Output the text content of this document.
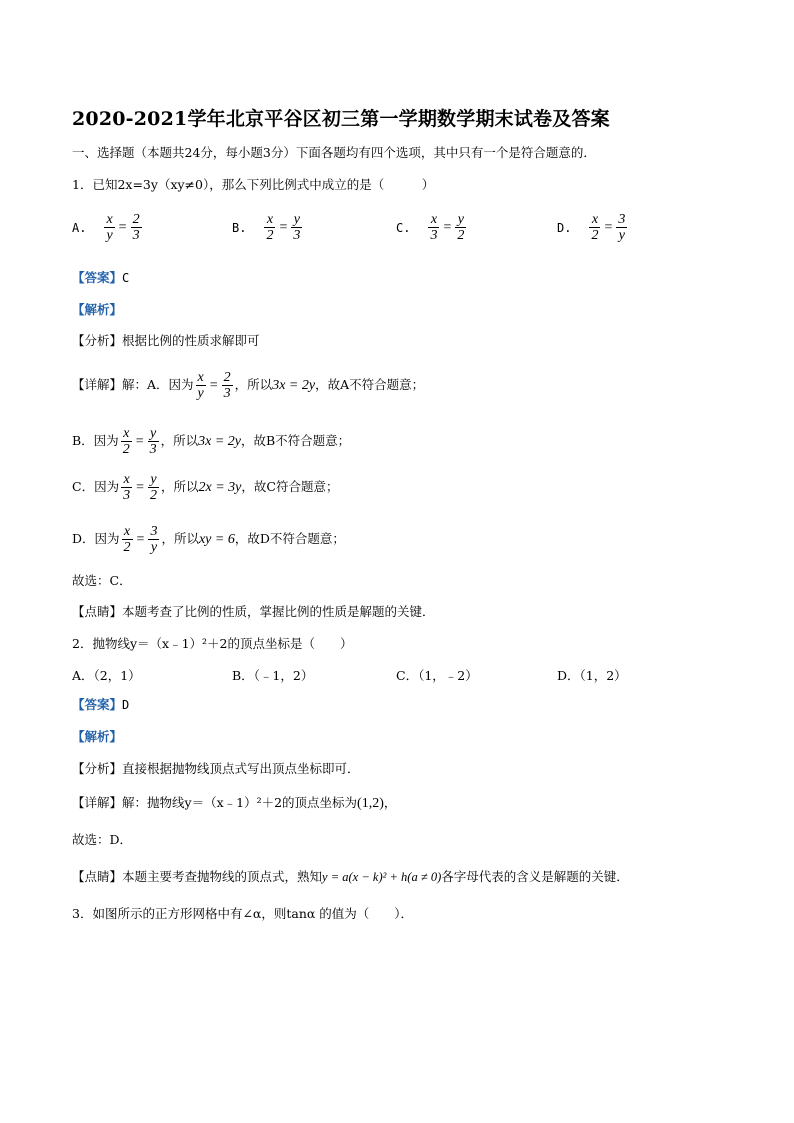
2020-2021学年北京平谷区初三第一学期数学期末试卷及答案
一、选择题（本题共24分，每小题3分）下面各题均有四个选项，其中只有一个是符合题意的．
1．已知2x=3y（xy≠0），那么下列比例式中成立的是（　　　）
A. $\frac{x}{y} = \frac{2}{3}$	B. $\frac{x}{2} = \frac{y}{3}$	C. $\frac{x}{3} = \frac{y}{2}$	D. $\frac{x}{2} = \frac{3}{y}$
【答案】C
【解析】
【分析】根据比例的性质求解即可
【详解】解：A．因为 $\frac{x}{y} = \frac{2}{3}$ ，所以3x = 2y，故A不符合题意；
B．因为 $\frac{x}{2} = \frac{y}{3}$ ，所以3x = 2y，故B不符合题意；
C．因为 $\frac{x}{3} = \frac{y}{2}$ ，所以2x = 3y，故C符合题意；
D．因为 $\frac{x}{2} = \frac{3}{y}$ ，所以xy = 6，故D不符合题意；
故选：C．
【点睛】本题考查了比例的性质，掌握比例的性质是解题的关键．
2．抛物线y＝（x﹣1）²＋2的顶点坐标是（　　）
A．（2，1）	B．（﹣1，2）	C．（1，﹣2）	D．（1，2）
【答案】D
【解析】
【分析】直接根据抛物线顶点式写出顶点坐标即可．
【详解】解：抛物线y＝（x﹣1）²＋2的顶点坐标为(1,2)，
故选：D．
【点睛】本题主要考查抛物线的顶点式，熟知y = a(x − k)² + h(a ≠ 0)各字母代表的含义是解题的关键．
3．如图所示的正方形网格中有∠α，则tanα 的值为（　　）．
